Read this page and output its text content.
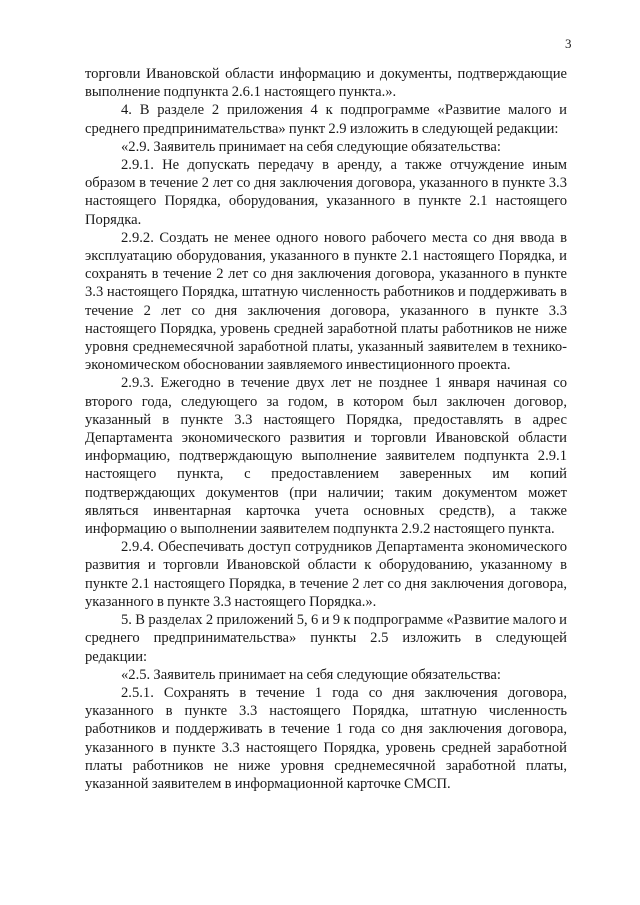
3

торговли Ивановской области информацию и документы, подтверждающие выполнение подпункта 2.6.1 настоящего пункта.».

4. В разделе 2 приложения 4 к подпрограмме «Развитие малого и среднего предпринимательства» пункт 2.9 изложить в следующей редакции:

«2.9. Заявитель принимает на себя следующие обязательства:

2.9.1. Не допускать передачу в аренду, а также отчуждение иным образом в течение 2 лет со дня заключения договора, указанного в пункте 3.3 настоящего Порядка, оборудования, указанного в пункте 2.1 настоящего Порядка.

2.9.2. Создать не менее одного нового рабочего места со дня ввода в эксплуатацию оборудования, указанного в пункте 2.1 настоящего Порядка, и сохранять в течение 2 лет со дня заключения договора, указанного в пункте 3.3 настоящего Порядка, штатную численность работников и поддерживать в течение 2 лет со дня заключения договора, указанного в пункте 3.3 настоящего Порядка, уровень средней заработной платы работников не ниже уровня среднемесячной заработной платы, указанный заявителем в технико-экономическом обосновании заявляемого инвестиционного проекта.

2.9.3. Ежегодно в течение двух лет не позднее 1 января начиная со второго года, следующего за годом, в котором был заключен договор, указанный в пункте 3.3 настоящего Порядка, предоставлять в адрес Департамента экономического развития и торговли Ивановской области информацию, подтверждающую выполнение заявителем подпункта 2.9.1 настоящего пункта, с предоставлением заверенных им копий подтверждающих документов (при наличии; таким документом может являться инвентарная карточка учета основных средств), а также информацию о выполнении заявителем подпункта 2.9.2 настоящего пункта.

2.9.4. Обеспечивать доступ сотрудников Департамента экономического развития и торговли Ивановской области к оборудованию, указанному в пункте 2.1 настоящего Порядка, в течение 2 лет со дня заключения договора, указанного в пункте 3.3 настоящего Порядка.».

5. В разделах 2 приложений 5, 6 и 9 к подпрограмме «Развитие малого и среднего предпринимательства» пункты 2.5 изложить в следующей редакции:

«2.5. Заявитель принимает на себя следующие обязательства:

2.5.1. Сохранять в течение 1 года со дня заключения договора, указанного в пункте 3.3 настоящего Порядка, штатную численность работников и поддерживать в течение 1 года со дня заключения договора, указанного в пункте 3.3 настоящего Порядка, уровень средней заработной платы работников не ниже уровня среднемесячной заработной платы, указанной заявителем в информационной карточке СМСП.
